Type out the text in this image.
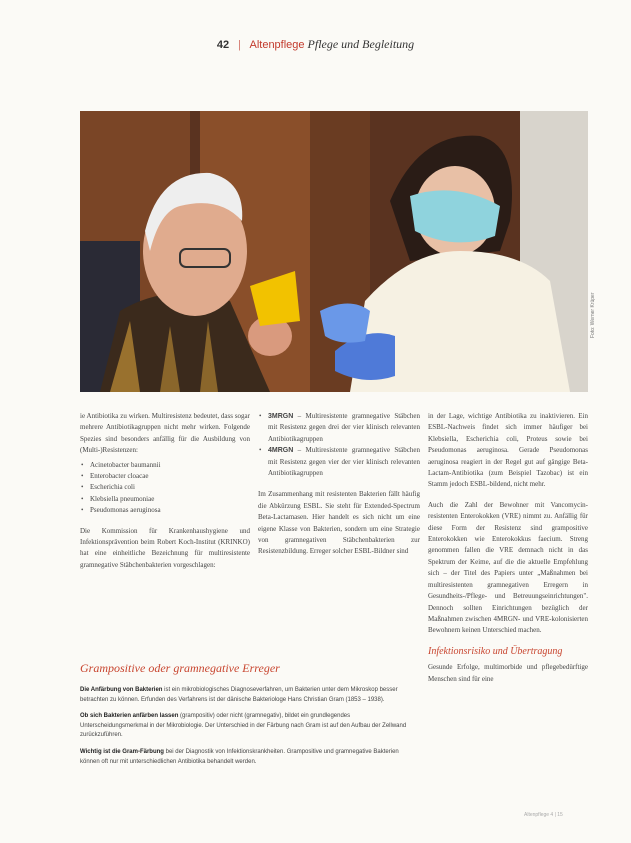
42 | Altenpflege Pflege und Begleitung
Foto: Werner Krüper

ie Antibiotika zu wirken. Multiresistenz bedeutet, dass sogar mehrere Antibiotikagruppen nicht mehr wirken. Folgende Spezies sind besonders anfällig für die Ausbildung von (Multi-)Resistenzen:

• Acinetobacter baumannii
• Enterobacter cloacae
• Escherichia coli
• Klebsiella pneumoniae
• Pseudomonas aeruginosa

Die Kommission für Krankenhaushygiene und Infektionsprävention beim Robert Koch-Institut (KRINKO) hat eine einheitliche Bezeichnung für multiresistente gramnegative Stäbchenbakterien vorgeschlagen:

• 3MRGN – Multiresistente gramnegative Stäbchen mit Resistenz gegen drei der vier klinisch relevanten Antibiotikagruppen
• 4MRGN – Multiresistente gramnegative Stäbchen mit Resistenz gegen vier der vier klinisch relevanten Antibiotikagruppen

Im Zusammenhang mit resistenten Bakterien fällt häufig die Abkürzung ESBL. Sie steht für Extended-Spectrum Beta-Lactamasen. Hier handelt es sich nicht um eine eigene Klasse von Bakterien, sondern um eine Strategie von gramnegativen Stäbchenbakterien zur Resistenzbildung. Erreger solcher ESBL-Bildner sind

in der Lage, wichtige Antibiotika zu inaktivieren. Ein ESBL-Nachweis findet sich immer häufiger bei Klebsiella, Escherichia coli, Proteus sowie bei Pseudomonas aeruginosa. Gerade Pseudomonas aeruginosa reagiert in der Regel gut auf gängige Beta-Lactam-Antibiotika (zum Beispiel Tazobac) ist ein Stamm jedoch ESBL-bildend, nicht mehr.

Auch die Zahl der Bewohner mit Vancomycin-resistenten Enterokokken (VRE) nimmt zu. Anfällig für diese Form der Resistenz sind grampositive Enterokokken wie Enterokokkus faecium. Streng genommen fallen die VRE demnach nicht in das Spektrum der Keime, auf die die aktuelle Empfehlung sich – der Titel des Papiers unter „Maßnahmen bei multiresistenten gramnegativen Erregern in Gesundheits-/Pflege- und Betreuungseinrichtungen". Dennoch sollten Einrichtungen bezüglich der Maßnahmen zwischen 4MRGN- und VRE-kolonisierten Bewohnern keinen Unterschied machen.

Infektionsrisiko und Übertragung

Gesunde Erfolge, multimorbide und pflegebedürftige Menschen sind für eine

Grampositive oder gramnegative Erreger

Die Anfärbung von Bakterien ist ein mikrobiologisches Diagnoseverfahren, um Bakterien unter dem Mikroskop besser betrachten zu können. Erfunden des Verfahrens ist der dänische Bakteriologe Hans Christian Gram (1853 – 1938).

Ob sich Bakterien anfärben lassen (grampositiv) oder nicht (gramnegativ), bildet ein grundlegendes Unterscheidungsmerkmal in der Mikrobiologie. Der Unterschied in der Färbung nach Gram ist auf den Aufbau der Zellwand zurückzuführen.

Wichtig ist die Gram-Färbung bei der Diagnostik von Infektionskrankheiten. Grampositive und gramnegative Bakterien können oft nur mit unterschiedlichen Antibiotika behandelt werden.

Altenpflege 4 | 15
